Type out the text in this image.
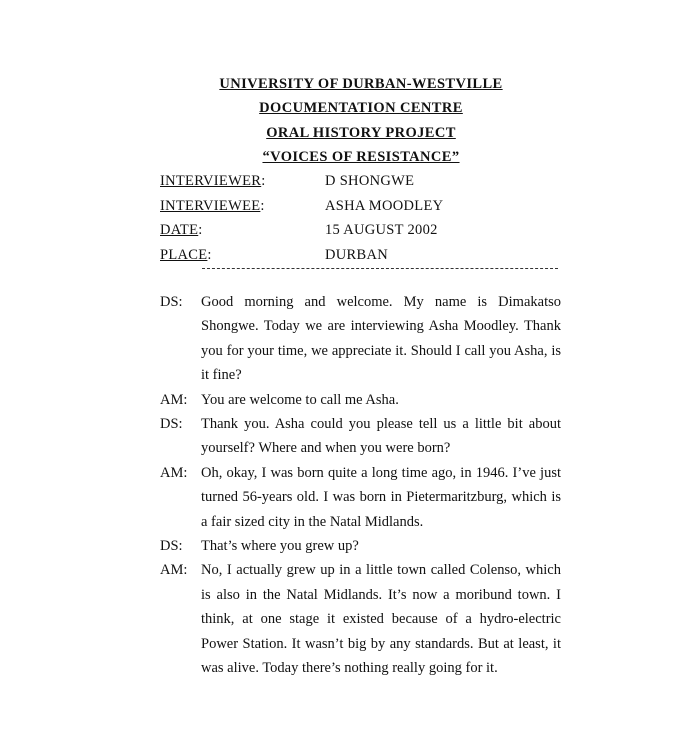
UNIVERSITY OF DURBAN-WESTVILLE
DOCUMENTATION CENTRE
ORAL HISTORY PROJECT
“VOICES OF RESISTANCE”
INTERVIEWER:	D SHONGWE
INTERVIEWEE:	ASHA MOODLEY
DATE:	15 AUGUST 2002
PLACE:	DURBAN
DS:	Good morning and welcome. My name is Dimakatso Shongwe. Today we are interviewing Asha Moodley. Thank you for your time, we appreciate it. Should I call you Asha, is it fine?
AM: You are welcome to call me Asha.
DS:	Thank you. Asha could you please tell us a little bit about yourself? Where and when you were born?
AM: Oh, okay, I was born quite a long time ago, in 1946. I’ve just turned 56-years old. I was born in Pietermaritzburg, which is a fair sized city in the Natal Midlands.
DS:	That’s where you grew up?
AM: No, I actually grew up in a little town called Colenso, which is also in the Natal Midlands. It’s now a moribund town. I think, at one stage it existed because of a hydro-electric Power Station. It wasn’t big by any standards. But at least, it was alive. Today there’s nothing really going for it.
